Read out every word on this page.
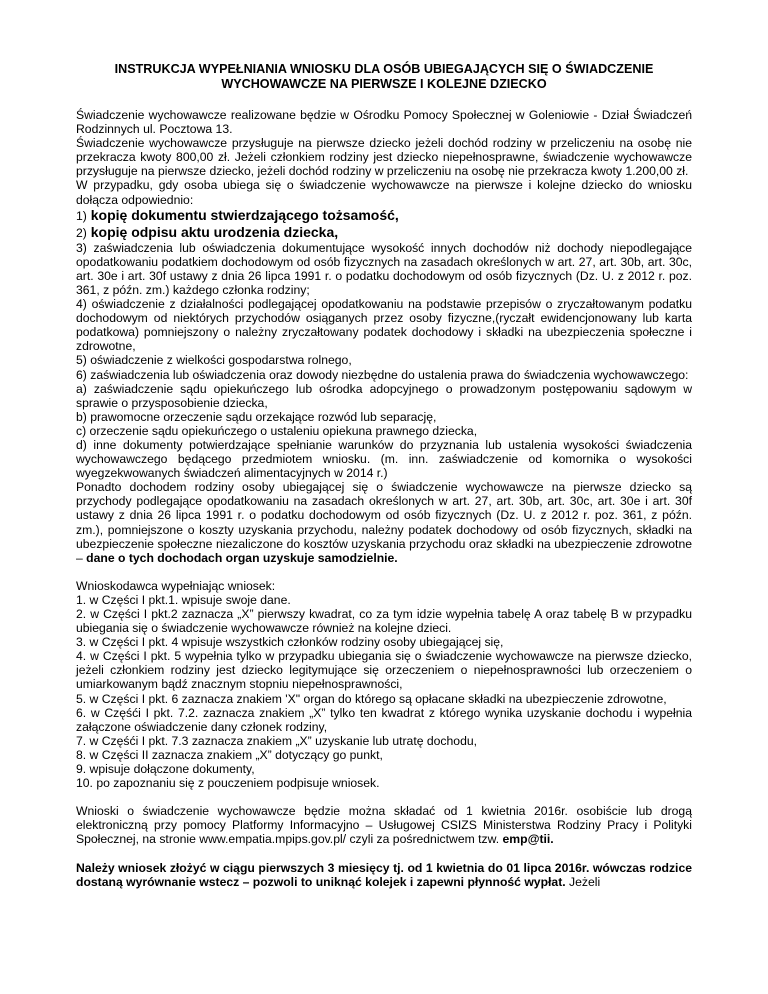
INSTRUKCJA WYPEŁNIANIA WNIOSKU DLA OSÓB UBIEGAJĄCYCH SIĘ O ŚWIADCZENIE
WYCHOWAWCZE NA PIERWSZE I KOLEJNE DZIECKO

Świadczenie wychowawcze realizowane będzie w Ośrodku Pomocy Społecznej w Goleniowie - Dział Świadczeń Rodzinnych ul. Pocztowa 13.

Świadczenie wychowawcze przysługuje na pierwsze dziecko jeżeli dochód rodziny w przeliczeniu na osobę nie przekracza kwoty 800,00 zł. Jeżeli członkiem rodziny jest dziecko niepełnosprawne, świadczenie wychowawcze przysługuje na pierwsze dziecko, jeżeli dochód rodziny w przeliczeniu na osobę nie przekracza kwoty 1.200,00 zł.

W przypadku, gdy osoba ubiega się o świadczenie wychowawcze na pierwsze i kolejne dziecko do wniosku dołącza odpowiednio:

1) kopię dokumentu stwierdzającego tożsamość,

2) kopię odpisu aktu urodzenia dziecka,

3) zaświadczenia lub oświadczenia dokumentujące wysokość innych dochodów niż dochody niepodlegające opodatkowaniu podatkiem dochodowym od osób fizycznych na zasadach określonych w art. 27, art. 30b, art. 30c, art. 30e i art. 30f ustawy z dnia 26 lipca 1991 r. o podatku dochodowym od osób fizycznych (Dz. U. z 2012 r. poz. 361, z późn. zm.) każdego członka rodziny;

4) oświadczenie z działalności podlegającej opodatkowaniu na podstawie przepisów o zryczałtowanym podatku dochodowym od niektórych przychodów osiąganych przez osoby fizyczne,(ryczałt ewidencjonowany lub karta podatkowa) pomniejszony o należny zryczałtowany podatek dochodowy i składki na ubezpieczenia społeczne i zdrowotne,

5) oświadczenie z wielkości gospodarstwa rolnego,

6) zaświadczenia lub oświadczenia oraz dowody niezbędne do ustalenia prawa do świadczenia wychowawczego:

a) zaświadczenie sądu opiekuńczego lub ośrodka adopcyjnego o prowadzonym postępowaniu sądowym w sprawie o przysposobienie dziecka,

b) prawomocne orzeczenie sądu orzekające rozwód lub separację,

c) orzeczenie sądu opiekuńczego o ustaleniu opiekuna prawnego dziecka,

d) inne dokumenty potwierdzające spełnianie warunków do przyznania lub ustalenia wysokości świadczenia wychowawczego będącego przedmiotem wniosku. (m. inn. zaświadczenie od komornika o wysokości wyegzekwowanych świadczeń alimentacyjnych w 2014 r.)

Ponadto dochodem rodziny osoby ubiegającej się o świadczenie wychowawcze na pierwsze dziecko są przychody podlegające opodatkowaniu na zasadach określonych w art. 27, art. 30b, art. 30c, art. 30e i art. 30f ustawy z dnia 26 lipca 1991 r. o podatku dochodowym od osób fizycznych (Dz. U. z 2012 r. poz. 361, z późn. zm.), pomniejszone o koszty uzyskania przychodu, należny podatek dochodowy od osób fizycznych, składki na ubezpieczenie społeczne niezaliczone do kosztów uzyskania przychodu oraz składki na ubezpieczenie zdrowotne – dane o tych dochodach organ uzyskuje samodzielnie.

Wnioskodawca wypełniając wniosek:

1. w Części I pkt.1. wpisuje swoje dane.

2. w Części I pkt.2 zaznacza „X” pierwszy kwadrat, co za tym idzie wypełnia tabelę A oraz tabelę B w przypadku ubiegania się o świadczenie wychowawcze również na kolejne dzieci.

3. w Części I pkt. 4 wpisuje wszystkich członków rodziny osoby ubiegającej się,

4. w Części I pkt. 5 wypełnia tylko w przypadku ubiegania się o świadczenie wychowawcze na pierwsze dziecko, jeżeli członkiem rodziny jest dziecko legitymujące się orzeczeniem o niepełnosprawności lub orzeczeniem o umiarkowanym bądź znacznym stopniu niepełnosprawności,

5. w Części I pkt. 6 zaznacza znakiem 'X" organ do którego są opłacane składki na ubezpieczenie zdrowotne,

6. w Częśći I pkt. 7.2. zaznacza znakiem „X” tylko ten kwadrat z którego wynika uzyskanie dochodu i wypełnia załączone oświadczenie dany członek rodziny,

7. w Częśći I pkt. 7.3 zaznacza znakiem „X” uzyskanie lub utratę dochodu,

8. w Części II zaznacza znakiem „X” dotyczący go punkt,

9. wpisuje dołączone dokumenty,

10. po zapoznaniu się z pouczeniem podpisuje wniosek.

Wnioski o świadczenie wychowawcze będzie można składać od 1 kwietnia 2016r. osobiście lub drogą elektroniczną przy pomocy Platformy Informacyjno – Usługowej CSIZS Ministerstwa Rodziny Pracy i Polityki Społecznej, na stronie www.empatia.mpips.gov.pl/ czyli za pośrednictwem tzw. emp@tii.

Należy wniosek złożyć w ciągu pierwszych 3 miesięcy tj. od 1 kwietnia do 01 lipca 2016r. wówczas rodzice dostaną wyrównanie wstecz – pozwoli to uniknąć kolejek i zapewni płynność wypłat. Jeżeli
